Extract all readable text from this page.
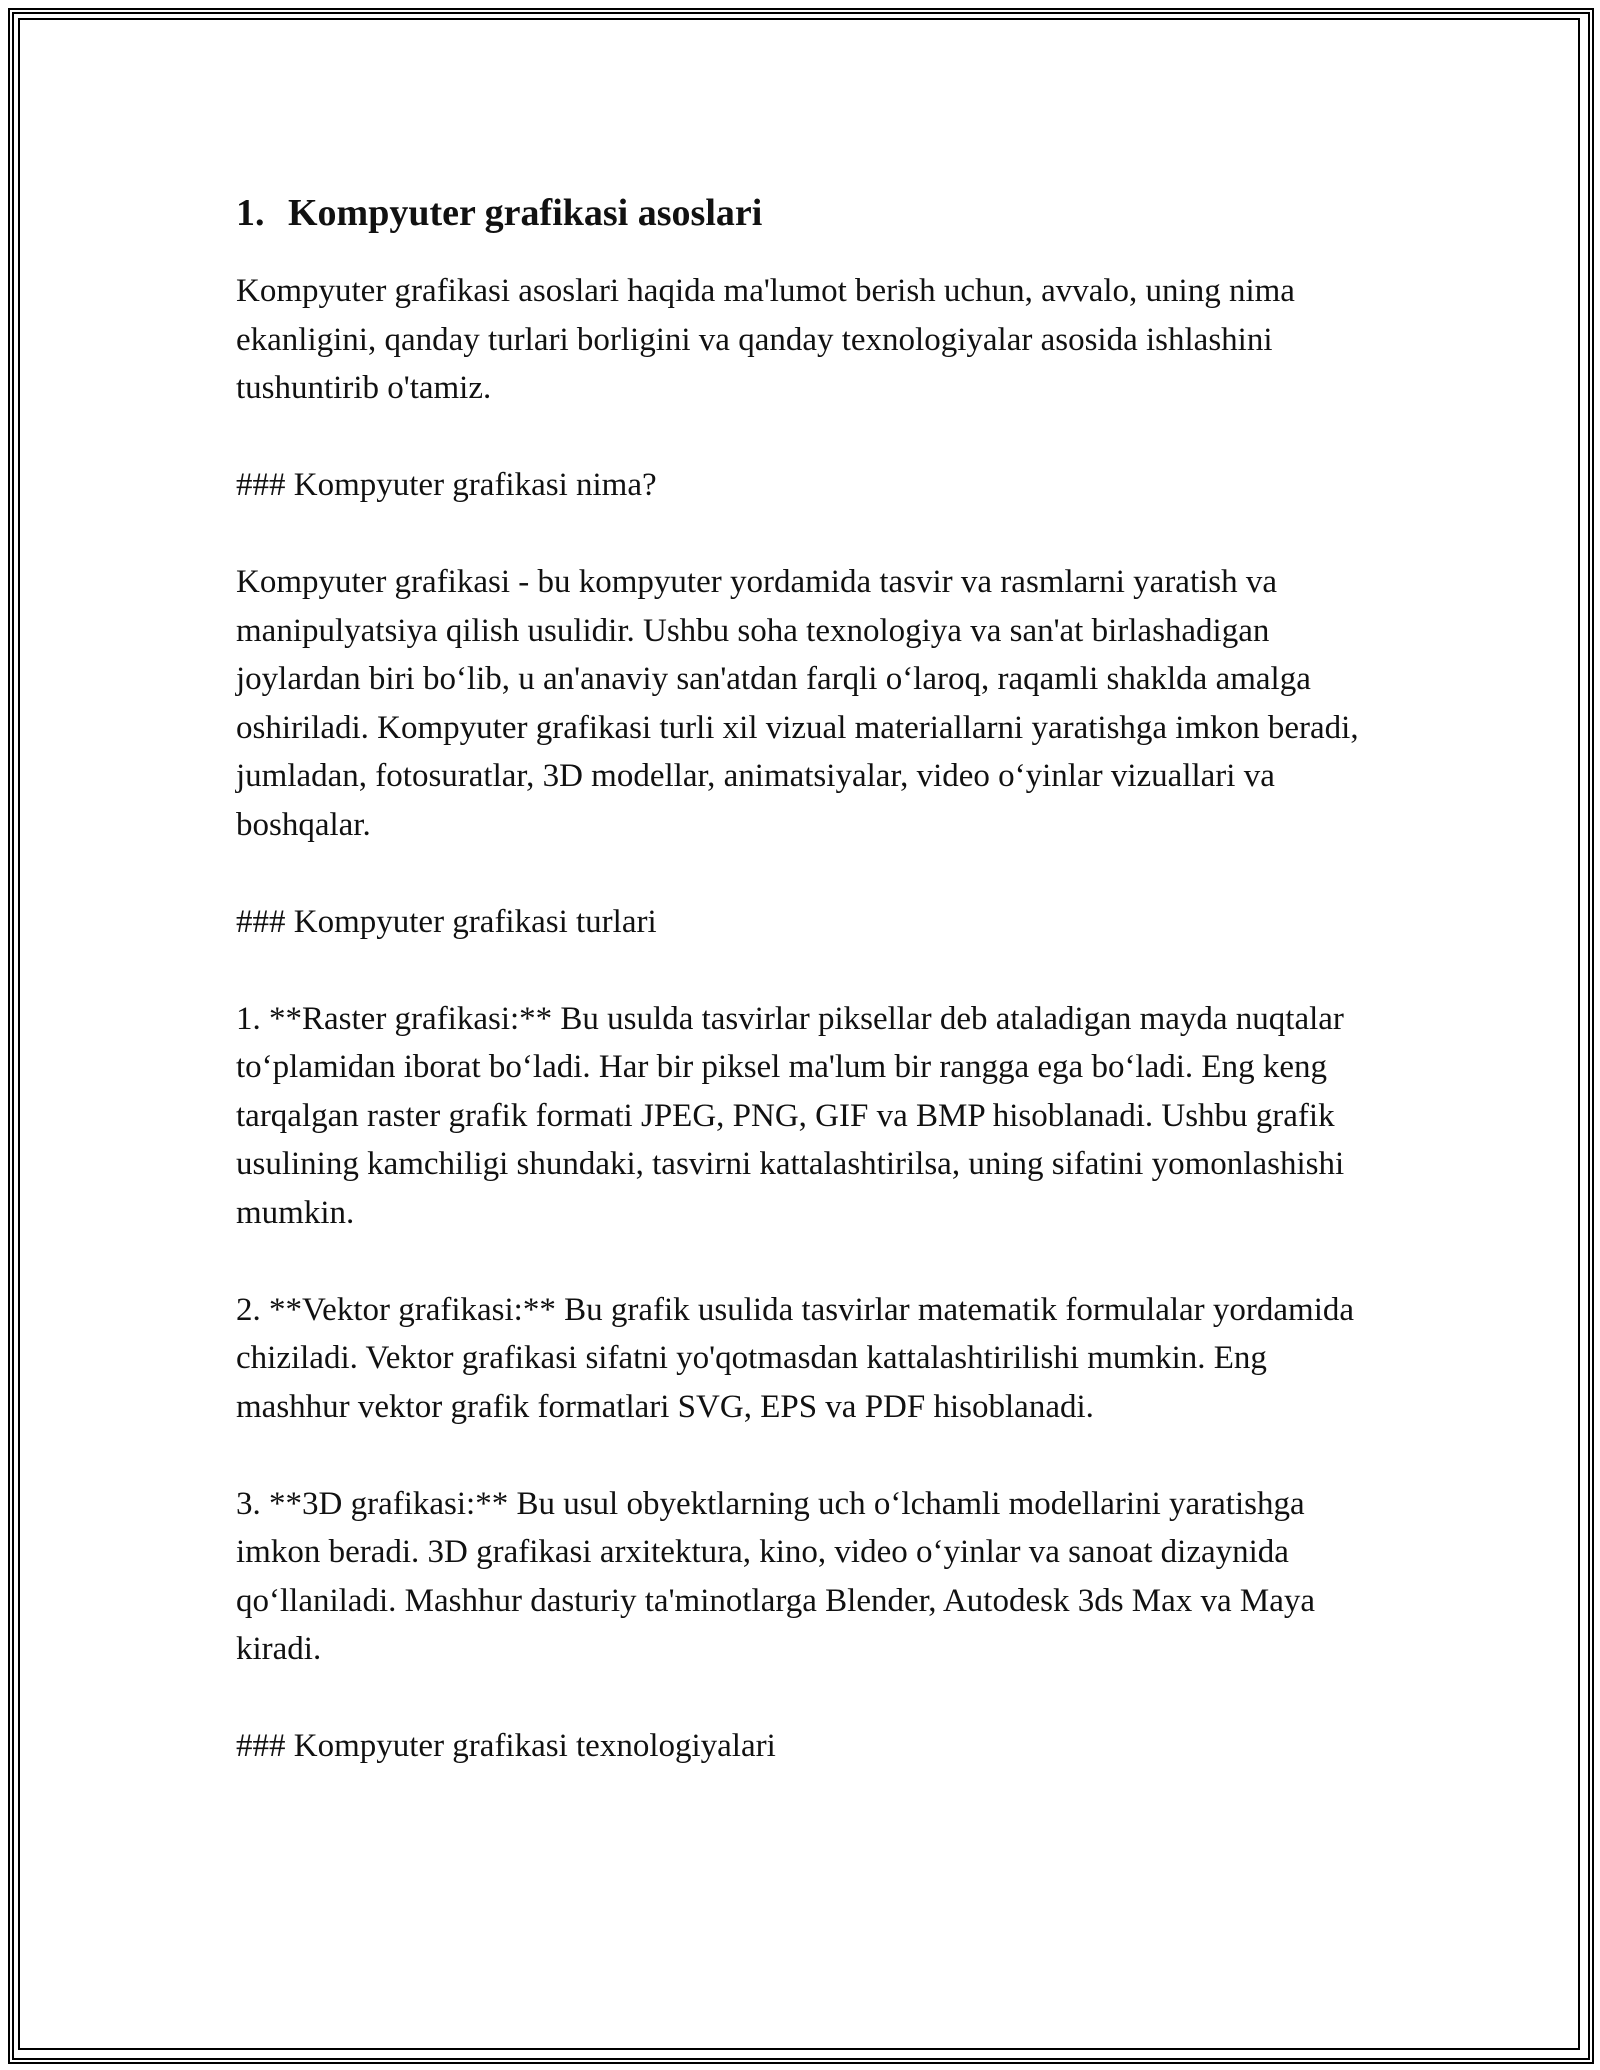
1. Kompyuter grafikasi asoslari

Kompyuter grafikasi asoslari haqida ma'lumot berish uchun, avvalo, uning nima ekanligini, qanday turlari borligini va qanday texnologiyalar asosida ishlashini tushuntirib o'tamiz.

### Kompyuter grafikasi nima?

Kompyuter grafikasi - bu kompyuter yordamida tasvir va rasmlarni yaratish va manipulyatsiya qilish usulidir. Ushbu soha texnologiya va san'at birlashadigan joylardan biri bo‘lib, u an'anaviy san'atdan farqli o‘laroq, raqamli shaklda amalga oshiriladi. Kompyuter grafikasi turli xil vizual materiallarni yaratishga imkon beradi, jumladan, fotosuratlar, 3D modellar, animatsiyalar, video o‘yinlar vizuallari va boshqalar.

### Kompyuter grafikasi turlari

1. **Raster grafikasi:** Bu usulda tasvirlar piksellar deb ataladigan mayda nuqtalar to‘plamidan iborat bo‘ladi. Har bir piksel ma'lum bir rangga ega bo‘ladi. Eng keng tarqalgan raster grafik formati JPEG, PNG, GIF va BMP hisoblanadi. Ushbu grafik usulining kamchiligi shundaki, tasvirni kattalashtirilsa, uning sifatini yomonlashishi mumkin.

2. **Vektor grafikasi:** Bu grafik usulida tasvirlar matematik formulalar yordamida chiziladi. Vektor grafikasi sifatni yo'qotmasdan kattalashtirilishi mumkin. Eng mashhur vektor grafik formatlari SVG, EPS va PDF hisoblanadi.

3. **3D grafikasi:** Bu usul obyektlarning uch o‘lchamli modellarini yaratishga imkon beradi. 3D grafikasi arxitektura, kino, video o‘yinlar va sanoat dizaynida qo‘llaniladi. Mashhur dasturiy ta'minotlarga Blender, Autodesk 3ds Max va Maya kiradi.

### Kompyuter grafikasi texnologiyalari
